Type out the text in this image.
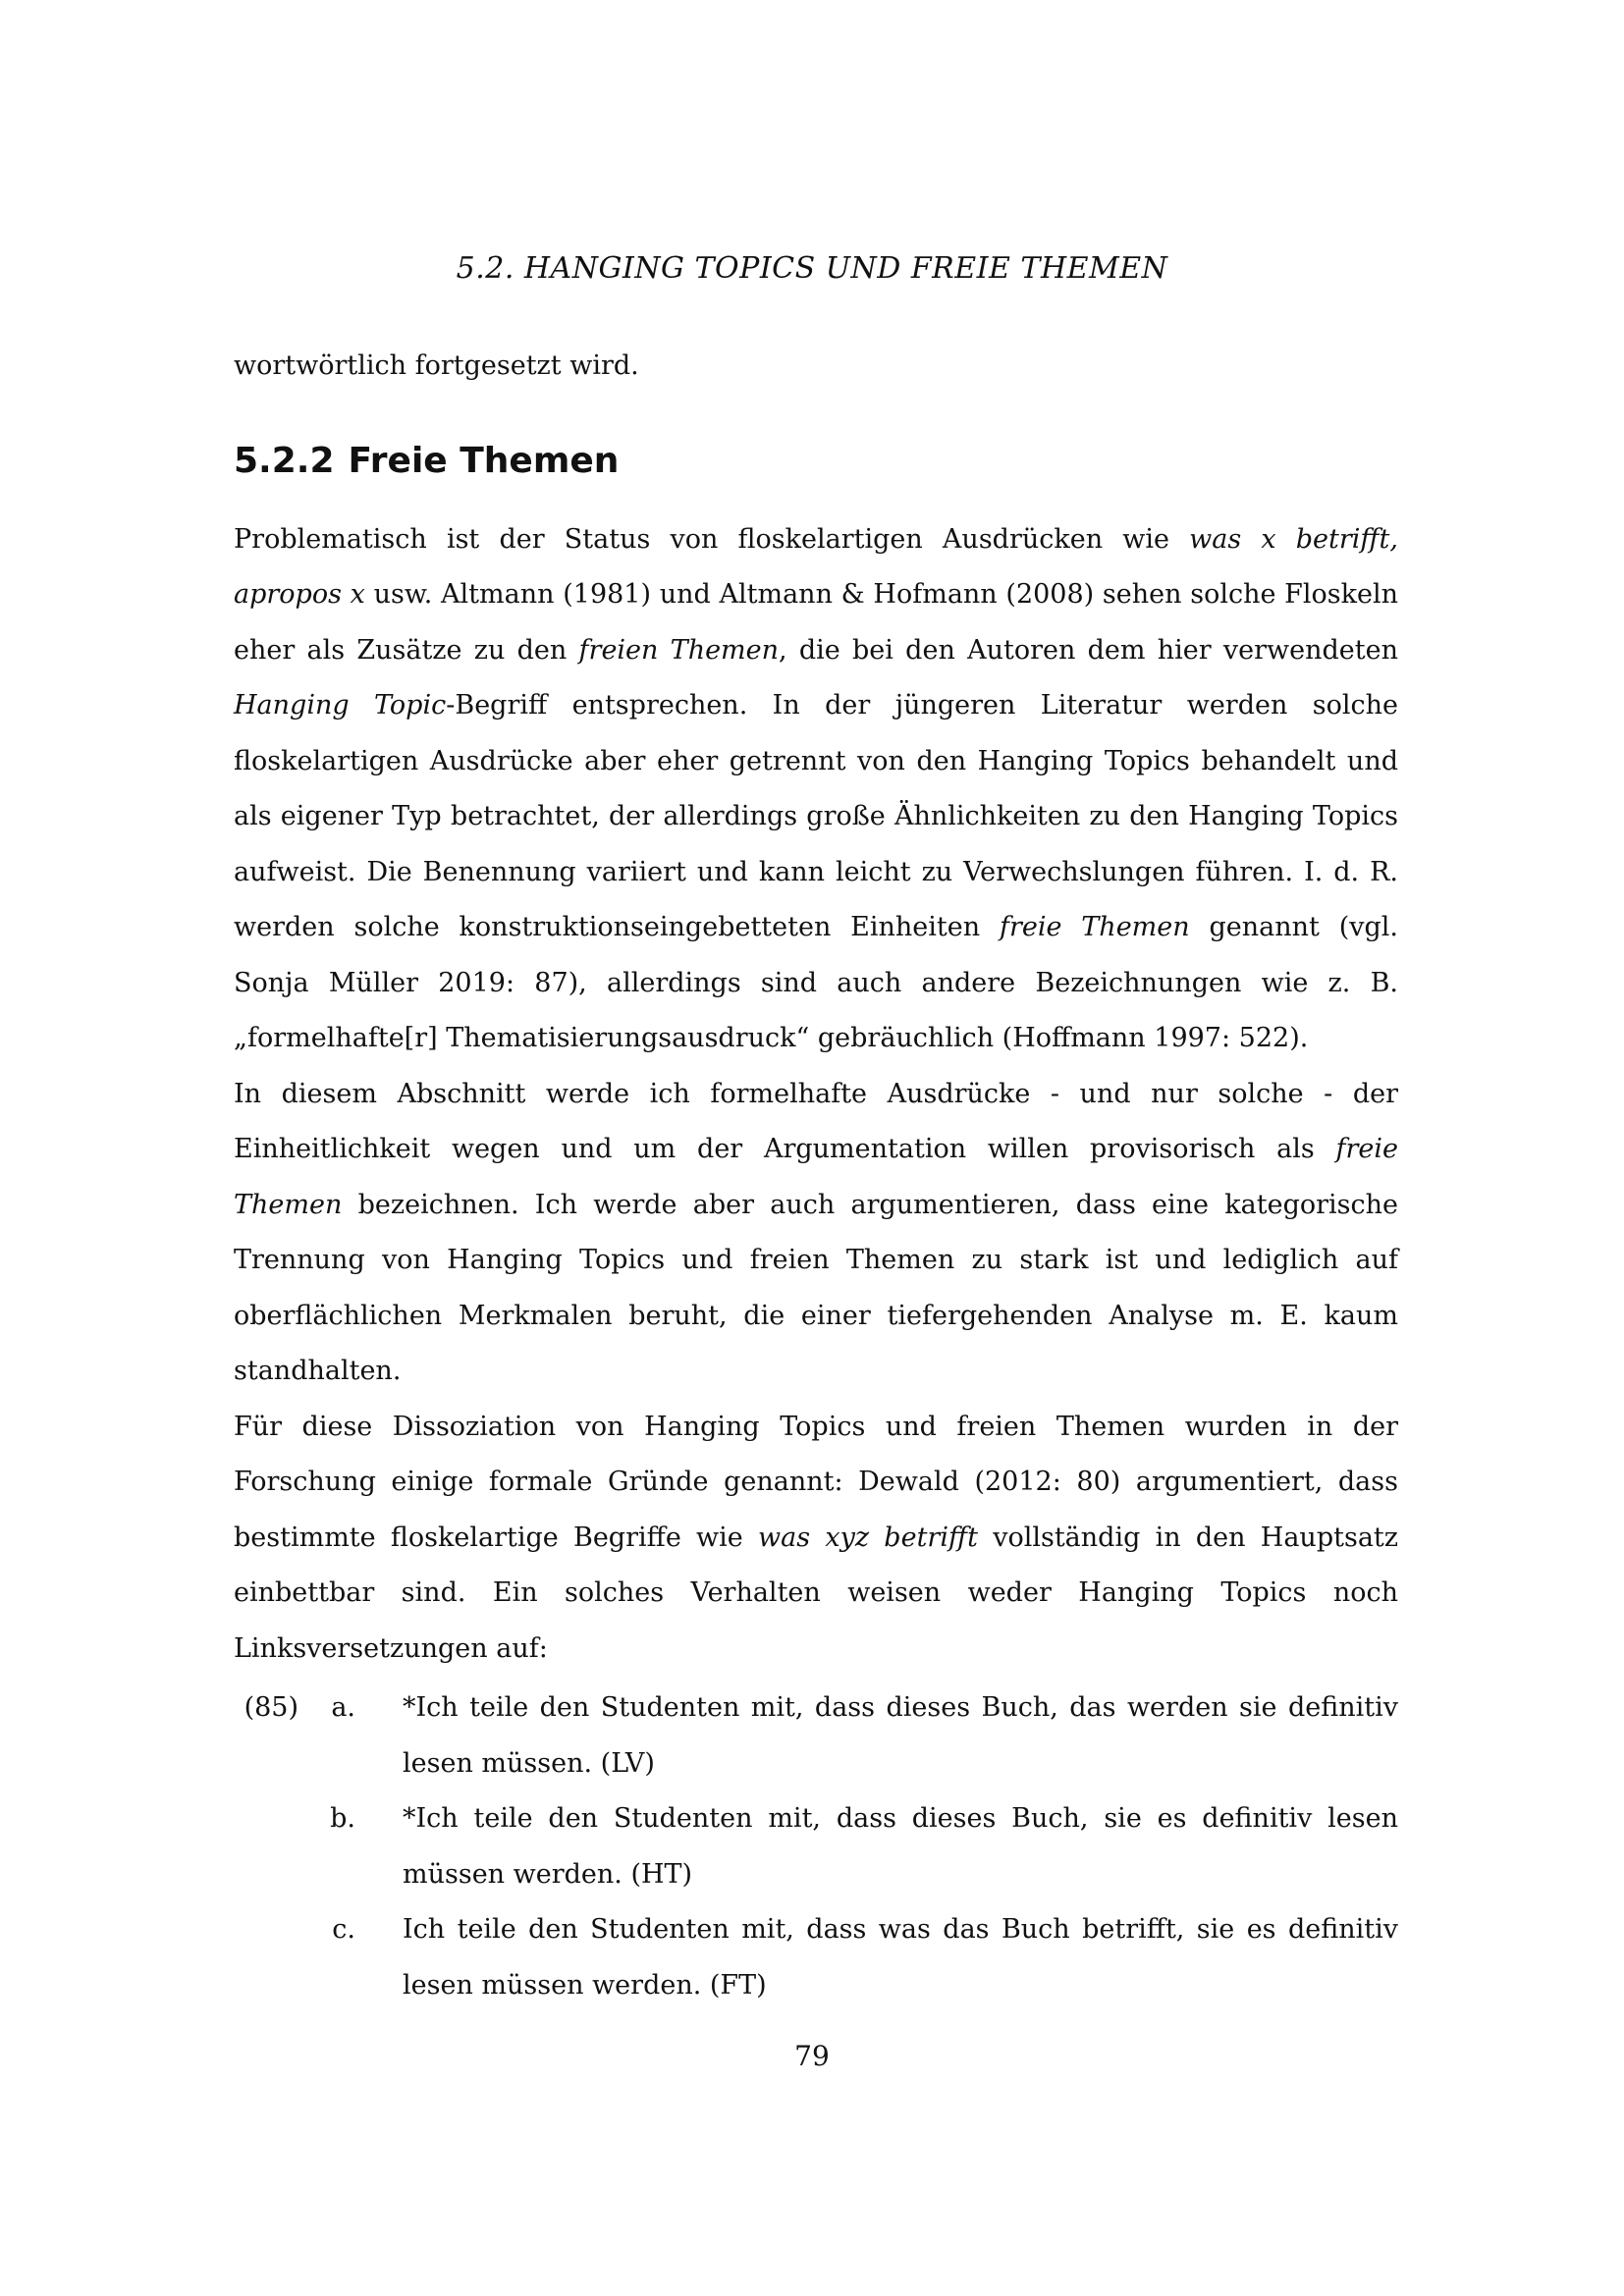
5.2. HANGING TOPICS UND FREIE THEMEN

wortwörtlich fortgesetzt wird.

5.2.2 Freie Themen

Problematisch ist der Status von floskelartigen Ausdrücken wie was x betrifft, apropos x usw. Altmann (1981) und Altmann & Hofmann (2008) sehen solche Floskeln eher als Zusätze zu den freien Themen, die bei den Autoren dem hier verwendeten Hanging Topic-Begriff entsprechen. In der jüngeren Literatur werden solche floskelartigen Ausdrücke aber eher getrennt von den Hanging Topics behandelt und als eigener Typ betrachtet, der allerdings große Ähnlichkeiten zu den Hanging Topics aufweist. Die Benennung variiert und kann leicht zu Verwechslungen führen. I. d. R. werden solche konstruktionseingebetteten Einheiten freie Themen genannt (vgl. Sonja Müller 2019: 87), allerdings sind auch andere Bezeichnungen wie z. B. „formelhafte[r] Thematisierungsausdruck“ gebräuchlich (Hoffmann 1997: 522).

In diesem Abschnitt werde ich formelhafte Ausdrücke - und nur solche - der Einheitlichkeit wegen und um der Argumentation willen provisorisch als freie Themen bezeichnen. Ich werde aber auch argumentieren, dass eine kategorische Trennung von Hanging Topics und freien Themen zu stark ist und lediglich auf oberflächlichen Merkmalen beruht, die einer tiefergehenden Analyse m. E. kaum standhalten.

Für diese Dissoziation von Hanging Topics und freien Themen wurden in der Forschung einige formale Gründe genannt: Dewald (2012: 80) argumentiert, dass bestimmte floskelartige Begriffe wie was xyz betrifft vollständig in den Hauptsatz einbettbar sind. Ein solches Verhalten weisen weder Hanging Topics noch Linksversetzungen auf:

(85)	a. *Ich teile den Studenten mit, dass dieses Buch, das werden sie definitiv lesen müssen. (LV)
b. *Ich teile den Studenten mit, dass dieses Buch, sie es definitiv lesen müssen werden. (HT)
c. Ich teile den Studenten mit, dass was das Buch betrifft, sie es definitiv lesen müssen werden. (FT)
79
